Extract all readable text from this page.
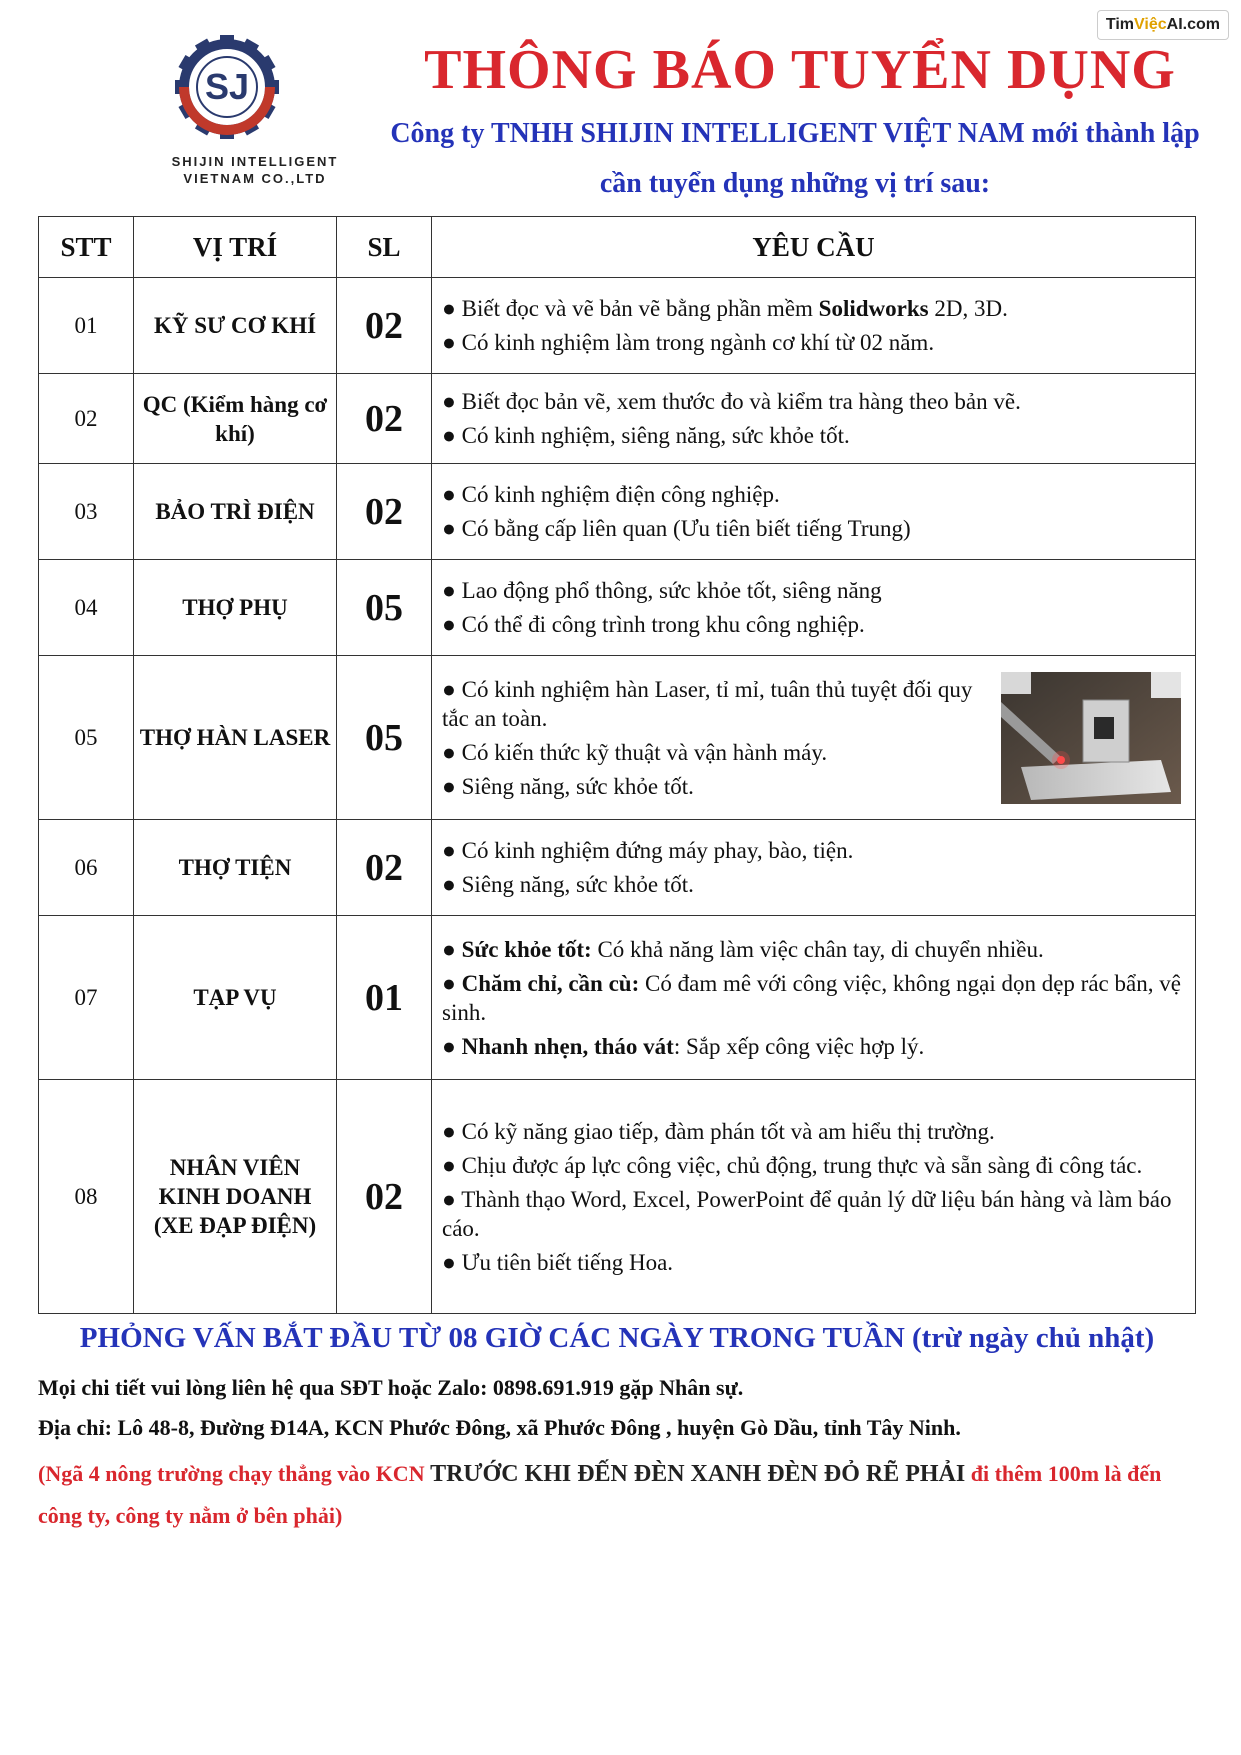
TimViệcAI.com
SJ
SHIJIN INTELLIGENT
VIETNAM CO.,LTD
THÔNG BÁO TUYỂN DỤNG
Công ty TNHH SHIJIN INTELLIGENT VIỆT NAM mới thành lập
cần tuyển dụng những vị trí sau:
STT	VỊ TRÍ	SL	YÊU CẦU
01	KỸ SƯ CƠ KHÍ	02	● Biết đọc và vẽ bản vẽ bằng phần mềm Solidworks 2D, 3D.
● Có kinh nghiệm làm trong ngành cơ khí từ 02 năm.

02	QC (Kiểm hàng cơ khí)	02	● Biết đọc bản vẽ, xem thước đo và kiểm tra hàng theo bản vẽ.
● Có kinh nghiệm, siêng năng, sức khỏe tốt.

03	BẢO TRÌ ĐIỆN	02	● Có kinh nghiệm điện công nghiệp.
● Có bằng cấp liên quan (Ưu tiên biết tiếng Trung)

04	THỢ PHỤ	05	● Lao động phổ thông, sức khỏe tốt, siêng năng
● Có thể đi công trình trong khu công nghiệp.

05	THỢ HÀN LASER	05	● Có kinh nghiệm hàn Laser, tỉ mỉ, tuân thủ tuyệt đối quy tắc an toàn.
● Có kiến thức kỹ thuật và vận hành máy.
● Siêng năng, sức khỏe tốt.

06	THỢ TIỆN	02	● Có kinh nghiệm đứng máy phay, bào, tiện.
● Siêng năng, sức khỏe tốt.

07	TẠP VỤ	01	● Sức khỏe tốt: Có khả năng làm việc chân tay, di chuyển nhiều.
● Chăm chỉ, cần cù: Có đam mê với công việc, không ngại dọn dẹp rác bẩn, vệ sinh.
● Nhanh nhẹn, tháo vát: Sắp xếp công việc hợp lý.

08	NHÂN VIÊN KINH DOANH (XE ĐẠP ĐIỆN)	02	● Có kỹ năng giao tiếp, đàm phán tốt và am hiểu thị trường.
● Chịu được áp lực công việc, chủ động, trung thực và sẵn sàng đi công tác.
● Thành thạo Word, Excel, PowerPoint để quản lý dữ liệu bán hàng và làm báo cáo.
● Ưu tiên biết tiếng Hoa.
PHỎNG VẤN BẮT ĐẦU TỪ 08 GIỜ CÁC NGÀY TRONG TUẦN (trừ ngày chủ nhật)
Mọi chi tiết vui lòng liên hệ qua SĐT hoặc Zalo: 0898.691.919 gặp Nhân sự.
Địa chỉ: Lô 48-8, Đường Đ14A, KCN Phước Đông, xã Phước Đông , huyện Gò Dầu, tỉnh Tây Ninh.
(Ngã 4 nông trường chạy thẳng vào KCN TRƯỚC KHI ĐẾN ĐÈN XANH ĐÈN ĐỎ RẼ PHẢI đi thêm 100m là đến công ty, công ty nằm ở bên phải)
